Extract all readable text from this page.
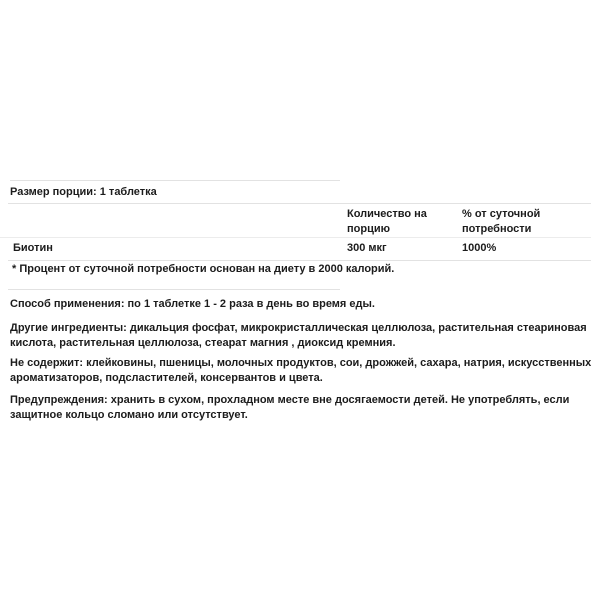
Размер порции: 1 таблетка
Количество на порцию
% от суточной потребности
Биотин	300 мкг	1000%
* Процент от суточной потребности основан на диету в 2000 калорий.
Способ применения: по 1 таблетке 1 - 2 раза в день во время еды.
Другие ингредиенты: дикальция фосфат, микрокристаллическая целлюлоза, растительная стеариновая кислота, растительная целлюлоза, стеарат магния , диоксид кремния.
Не содержит: клейковины, пшеницы, молочных продуктов, сои, дрожжей, сахара, натрия, искусственных ароматизаторов, подсластителей, консервантов и цвета.
Предупреждения: хранить в сухом, прохладном месте вне досягаемости детей. Не употреблять, если защитное кольцо сломано или отсутствует.
